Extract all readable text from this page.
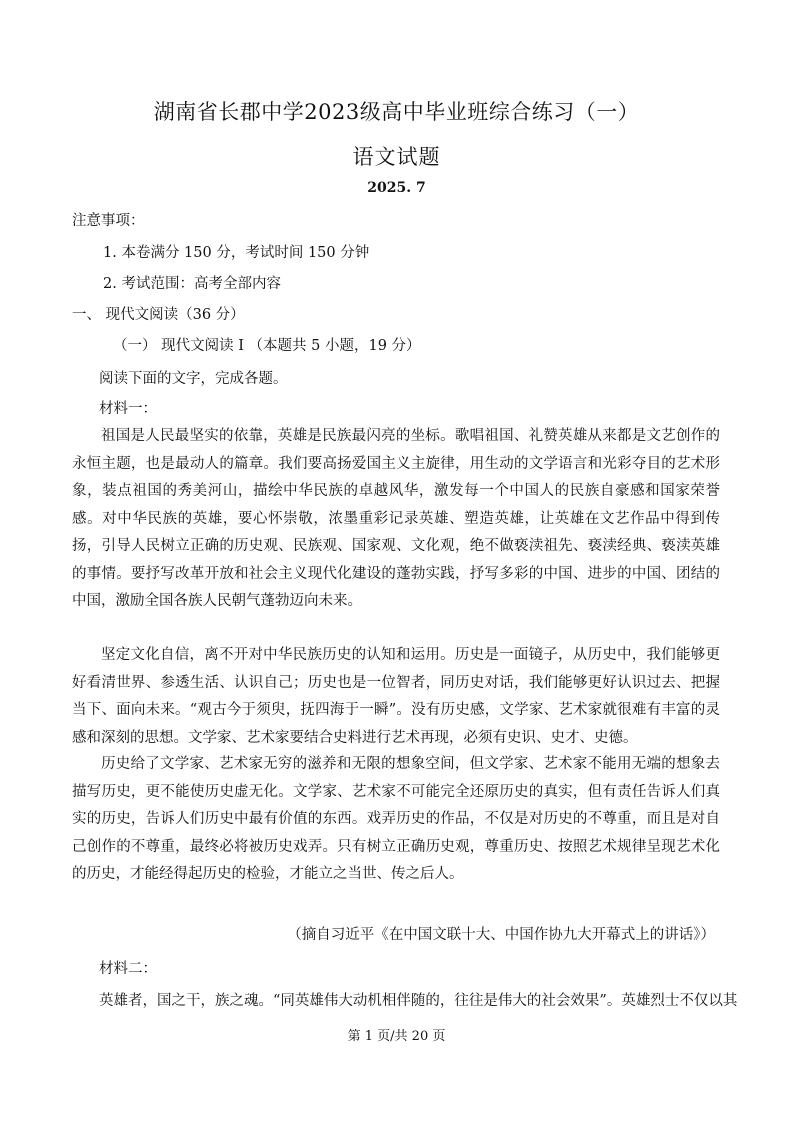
湖南省长郡中学2023级高中毕业班综合练习（一）
语文试题
2025. 7
注意事项：
1. 本卷满分 150 分，考试时间 150 分钟
2. 考试范围：高考全部内容
一、 现代文阅读（36 分）
（一） 现代文阅读 I （本题共 5 小题，19 分）
阅读下面的文字，完成各题。
材料一：

祖国是人民最坚实的依靠，英雄是民族最闪亮的坐标。歌唱祖国、礼赞英雄从来都是文艺创作的永恒主题，也是最动人的篇章。我们要高扬爱国主义主旋律，用生动的文学语言和光彩夺目的艺术形象，装点祖国的秀美河山，描绘中华民族的卓越风华，激发每一个中国人的民族自豪感和国家荣誉感。对中华民族的英雄，要心怀崇敬，浓墨重彩记录英雄、塑造英雄，让英雄在文艺作品中得到传扬，引导人民树立正确的历史观、民族观、国家观、文化观，绝不做亵渎祖先、亵渎经典、亵渎英雄的事情。要抒写改革开放和社会主义现代化建设的蓬勃实践，抒写多彩的中国、进步的中国、团结的中国，激励全国各族人民朝气蓬勃迈向未来。

坚定文化自信，离不开对中华民族历史的认知和运用。历史是一面镜子，从历史中，我们能够更好看清世界、参透生活、认识自己；历史也是一位智者，同历史对话，我们能够更好认识过去、把握当下、面向未来。“观古今于须臾，抚四海于一瞬”。没有历史感，文学家、艺术家就很难有丰富的灵感和深刻的思想。文学家、艺术家要结合史料进行艺术再现，必须有史识、史才、史德。

历史给了文学家、艺术家无穷的滋养和无限的想象空间，但文学家、艺术家不能用无端的想象去描写历史，更不能使历史虚无化。文学家、艺术家不可能完全还原历史的真实，但有责任告诉人们真实的历史，告诉人们历史中最有价值的东西。戏弄历史的作品，不仅是对历史的不尊重，而且是对自己创作的不尊重，最终必将被历史戏弄。只有树立正确历史观，尊重历史、按照艺术规律呈现艺术化的历史，才能经得起历史的检验，才能立之当世、传之后人。

（摘自习近平《在中国文联十大、中国作协九大开幕式上的讲话》）
材料二：
英雄者，国之干，族之魂。“同英雄伟大动机相伴随的，往往是伟大的社会效果”。英雄烈士不仅以其
第 1 页/共 20 页
